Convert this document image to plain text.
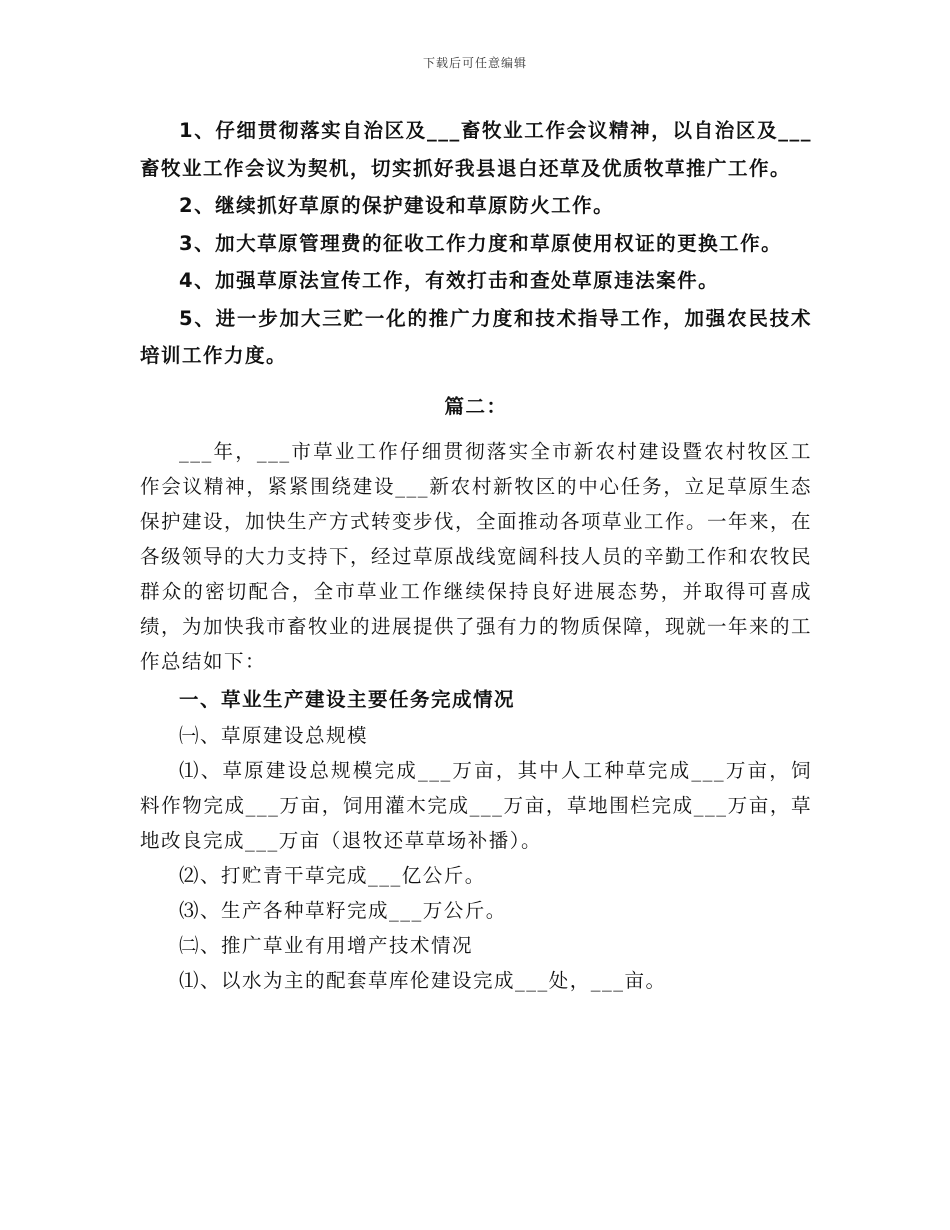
下载后可任意编辑

1、仔细贯彻落实自治区及___畜牧业工作会议精神，以自治区及___畜牧业工作会议为契机，切实抓好我县退白还草及优质牧草推广工作。

2、继续抓好草原的保护建设和草原防火工作。

3、加大草原管理费的征收工作力度和草原使用权证的更换工作。

4、加强草原法宣传工作，有效打击和查处草原违法案件。

5、进一步加大三贮一化的推广力度和技术指导工作，加强农民技术培训工作力度。

篇二：

___年，___市草业工作仔细贯彻落实全市新农村建设暨农村牧区工作会议精神，紧紧围绕建设___新农村新牧区的中心任务，立足草原生态保护建设，加快生产方式转变步伐，全面推动各项草业工作。一年来，在各级领导的大力支持下，经过草原战线宽阔科技人员的辛勤工作和农牧民群众的密切配合，全市草业工作继续保持良好进展态势，并取得可喜成绩，为加快我市畜牧业的进展提供了强有力的物质保障，现就一年来的工作总结如下：

一、草业生产建设主要任务完成情况

㈠、草原建设总规模

⑴、草原建设总规模完成___万亩，其中人工种草完成___万亩，饲料作物完成___万亩，饲用灌木完成___万亩，草地围栏完成___万亩，草地改良完成___万亩（退牧还草草场补播）。

⑵、打贮青干草完成___亿公斤。

⑶、生产各种草籽完成___万公斤。

㈡、推广草业有用增产技术情况

⑴、以水为主的配套草库伦建设完成___处，___亩。
